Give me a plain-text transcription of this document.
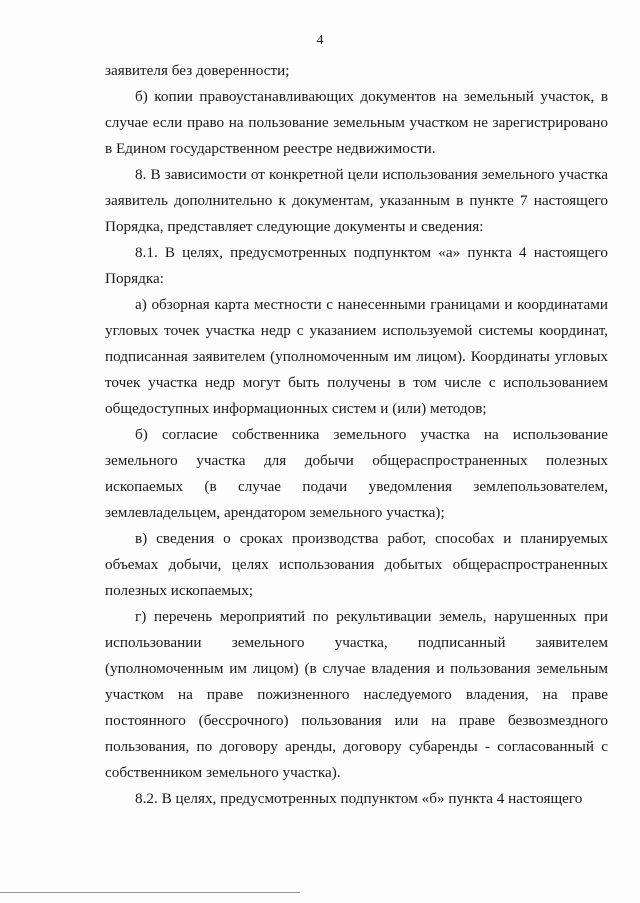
4

заявителя без доверенности;

б) копии правоустанавливающих документов на земельный участок, в случае если право на пользование земельным участком не зарегистрировано в Едином государственном реестре недвижимости.

8. В зависимости от конкретной цели использования земельного участка заявитель дополнительно к документам, указанным в пункте 7 настоящего Порядка, представляет следующие документы и сведения:

8.1. В целях, предусмотренных подпунктом «а» пункта 4 настоящего Порядка:

а) обзорная карта местности с нанесенными границами и координатами угловых точек участка недр с указанием используемой системы координат, подписанная заявителем (уполномоченным им лицом). Координаты угловых точек участка недр могут быть получены в том числе с использованием общедоступных информационных систем и (или) методов;

б) согласие собственника земельного участка на использование земельного участка для добычи общераспространенных полезных ископаемых (в случае подачи уведомления землепользователем, землевладельцем, арендатором земельного участка);

в) сведения о сроках производства работ, способах и планируемых объемах добычи, целях использования добытых общераспространенных полезных ископаемых;

г) перечень мероприятий по рекультивации земель, нарушенных при использовании земельного участка, подписанный заявителем (уполномоченным им лицом) (в случае владения и пользования земельным участком на праве пожизненного наследуемого владения, на праве постоянного (бессрочного) пользования или на праве безвозмездного пользования, по договору аренды, договору субаренды - согласованный с собственником земельного участка).

8.2. В целях, предусмотренных подпунктом «б» пункта 4 настоящего
